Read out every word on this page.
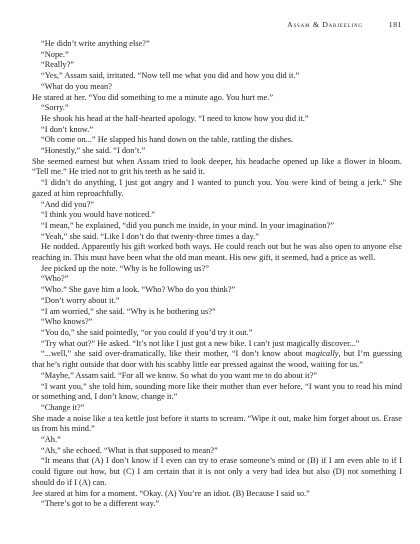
Assam & Darjeeling	181

“He didn’t write anything else?”

“Nope.”

“Really?”

“Yes,” Assam said, irritated. “Now tell me what you did and how you did it.”

“What do you mean?

He stared at her. “You did something to me a minute ago. You hurt me.”

“Sorry.”

He shook his head at the half-hearted apology. “I need to know how you did it.”

“I don’t know.”

“Oh come on...” He slapped his hand down on the table, rattling the dishes.

“Honestly,” she said. “I don’t.”

She seemed earnest but when Assam tried to look deeper, his headache opened up like a flower in bloom. “Tell me.” He tried not to grit his teeth as he said it.

“I didn’t do anything, I just got angry and I wanted to punch you. You were kind of being a jerk.” She gazed at him reproachfully.

“And did you?”

“I think you would have noticed.”

“I mean,” he explained, “did you punch me inside, in your mind. In your imagination?”

“Yeah,” she said. “Like I don’t do that twenty-three times a day.”

He nodded. Apparently his gift worked both ways. He could reach out but he was also open to anyone else reaching in. This must have been what the old man meant. His new gift, it seemed, had a price as well.

Jee picked up the note. “Why is he following us?”

“Who?”

“Who.” She gave him a look. “Who? Who do you think?”

“Don’t worry about it.”

“I am worried,” she said. “Why is he bothering us?”

“Who knows?”

“You do,” she said pointedly, “or you could if you’d try it out.”

“Try what out?” He asked. “It’s not like I just got a new bike. I can’t just magically discover...”

“...well,” she said over-dramatically, like their mother, “I don’t know about magically, but I’m guessing that he’s right outside that door with his scabby little ear pressed against the wood, waiting for us.”

“Maybe,” Assam said. “For all we know. So what do you want me to do about it?”

“I want you,” she told him, sounding more like their mother than ever before, “I want you to read his mind or something and, I don’t know, change it.”

“Change it?”

She made a noise like a tea kettle just before it starts to scream. “Wipe it out, make him forget about us. Erase us from his mind.”

“Ah.”

“Ah,” she echoed. “What is that supposed to mean?”

“It means that (A) I don’t know if I even can try to erase someone’s mind or (B) if I am even able to if I could figure out how, but (C) I am certain that it is not only a very bad idea but also (D) not something I should do if I (A) can.

Jee stared at him for a moment. “Okay. (A) You’re an idiot. (B) Because I said so.”

“There’s got to be a different way.”
